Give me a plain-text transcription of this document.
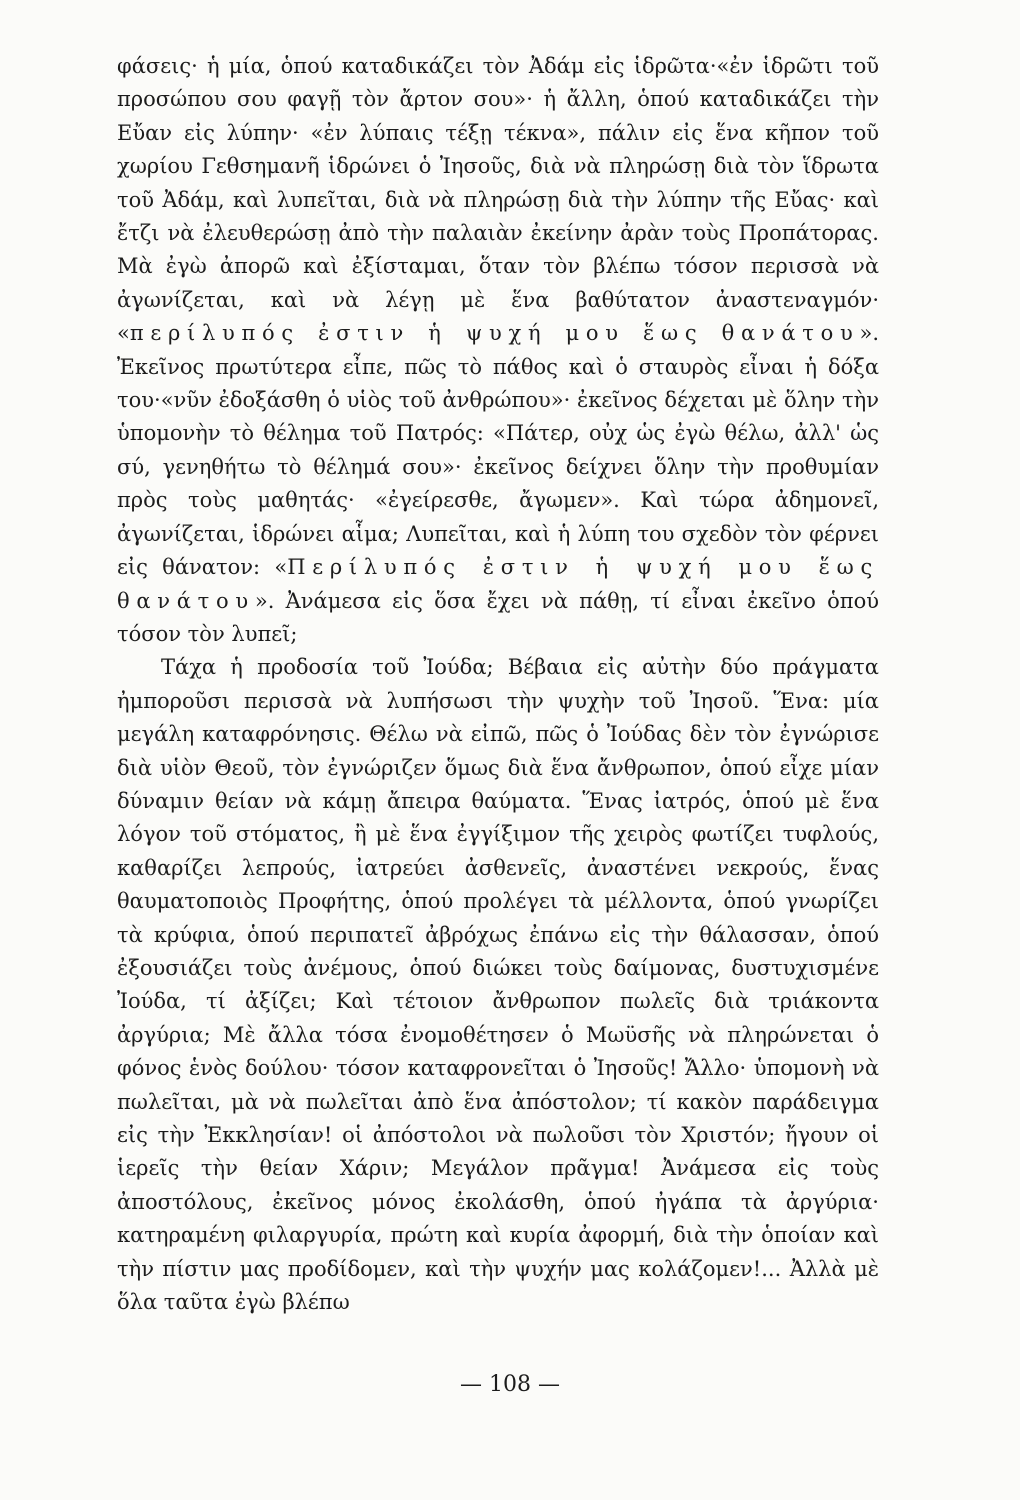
φάσεις· ἡ μία, ὁπού καταδικάζει τὸν Ἀδάμ εἰς ἱδρῶτα·«ἐν ἱδρῶτι τοῦ προσώπου σου φαγῇ τὸν ἄρτον σου»· ἡ ἄλλη, ὁπού καταδικάζει τὴν Εὔαν εἰς λύπην· «ἐν λύπαις τέξῃ τέκνα», πάλιν εἰς ἕνα κῆπον τοῦ χωρίου Γεθσημανῆ ἱδρώνει ὁ Ἰησοῦς, διὰ νὰ πληρώσῃ διὰ τὸν ἵδρωτα τοῦ Ἀδάμ, καὶ λυπεῖται, διὰ νὰ πληρώσῃ διὰ τὴν λύπην τῆς Εὔας· καὶ ἔτζι νὰ ἐλευθερώσῃ ἀπὸ τὴν παλαιὰν ἐκείνην ἀρὰν τοὺς Προπάτορας. Μὰ ἐγὼ ἀπορῶ καὶ ἐξίσταμαι, ὅταν τὸν βλέπω τόσον περισσὰ νὰ ἀγωνίζεται, καὶ νὰ λέγῃ μὲ ἕνα βαθύτατον ἀναστεναγμόν· «περίλυπός ἐστιν ἡ ψυχή μου ἕως θανάτου». Ἐκεῖνος πρωτύτερα εἶπε, πῶς τὸ πάθος καὶ ὁ σταυρὸς εἶναι ἡ δόξα του·«νῦν ἐδοξάσθη ὁ υἱὸς τοῦ ἀνθρώπου»· ἐκεῖνος δέχεται μὲ ὅλην τὴν ὑπομονὴν τὸ θέλημα τοῦ Πατρός: «Πάτερ, οὐχ ὡς ἐγὼ θέλω, ἀλλ' ὡς σύ, γενηθήτω τὸ θέλημά σου»· ἐκεῖνος δείχνει ὅλην τὴν προθυμίαν πρὸς τοὺς μαθητάς· «ἐγείρεσθε, ἄγωμεν». Καὶ τώρα ἀδημονεῖ, ἀγωνίζεται, ἱδρώνει αἷμα; Λυπεῖται, καὶ ἡ λύπη του σχεδὸν τὸν φέρνει εἰς θάνατον: «Περίλυπός ἐστιν ἡ ψυχή μου ἕως θανάτου». Ἀνάμεσα εἰς ὅσα ἔχει νὰ πάθῃ, τί εἶναι ἐκεῖνο ὁπού τόσον τὸν λυπεῖ;

Τάχα ἡ προδοσία τοῦ Ἰούδα; Βέβαια εἰς αὐτὴν δύο πράγματα ἠμποροῦσι περισσὰ νὰ λυπήσωσι τὴν ψυχὴν τοῦ Ἰησοῦ. Ἕνα: μία μεγάλη καταφρόνησις. Θέλω νὰ εἰπῶ, πῶς ὁ Ἰούδας δὲν τὸν ἐγνώρισε διὰ υἱὸν Θεοῦ, τὸν ἐγνώριζεν ὅμως διὰ ἕνα ἄνθρωπον, ὁπού εἶχε μίαν δύναμιν θείαν νὰ κάμῃ ἄπειρα θαύματα. Ἕνας ἰατρός, ὁπού μὲ ἕνα λόγον τοῦ στόματος, ἢ μὲ ἕνα ἐγγίξιμον τῆς χειρὸς φωτίζει τυφλούς, καθαρίζει λεπρούς, ἰατρεύει ἀσθενεῖς, ἀναστένει νεκρούς, ἕνας θαυματοποιὸς Προφήτης, ὁπού προλέγει τὰ μέλλοντα, ὁπού γνωρίζει τὰ κρύφια, ὁπού περιπατεῖ ἀβρόχως ἐπάνω εἰς τὴν θάλασσαν, ὁπού ἐξουσιάζει τοὺς ἀνέμους, ὁπού διώκει τοὺς δαίμονας, δυστυχισμένε Ἰούδα, τί ἀξίζει; Καὶ τέτοιον ἄνθρωπον πωλεῖς διὰ τριάκοντα ἀργύρια; Μὲ ἄλλα τόσα ἐνομοθέτησεν ὁ Μωϋσῆς νὰ πληρώνεται ὁ φόνος ἑνὸς δούλου· τόσον καταφρονεῖται ὁ Ἰησοῦς! Ἄλλο· ὑπομονὴ νὰ πωλεῖται, μὰ νὰ πωλεῖται ἀπὸ ἕνα ἀπόστολον; τί κακὸν παράδειγμα εἰς τὴν Ἐκκλησίαν! οἱ ἀπόστολοι νὰ πωλοῦσι τὸν Χριστόν; ἤγουν οἱ ἱερεῖς τὴν θείαν Χάριν; Μεγάλον πρᾶγμα! Ἀνάμεσα εἰς τοὺς ἀποστόλους, ἐκεῖνος μόνος ἐκολάσθη, ὁπού ἠγάπα τὰ ἀργύρια· κατηραμένη φιλαργυρία, πρώτη καὶ κυρία ἀφορμή, διὰ τὴν ὁποίαν καὶ τὴν πίστιν μας προδίδομεν, καὶ τὴν ψυχήν μας κολάζομεν!... Ἀλλὰ μὲ ὅλα ταῦτα ἐγὼ βλέπω

— 108 —
